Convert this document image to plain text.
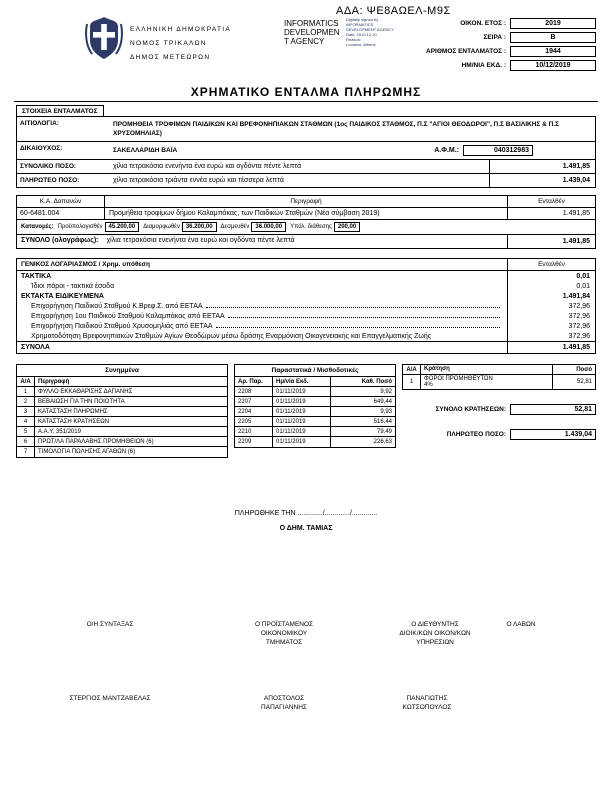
ΑΔΑ: ΨΕ8ΑΩΕΛ-Μ9Σ
ΕΛΛΗΝΙΚΗ ΔΗΜΟΚΡΑΤΙΑ
ΝΟΜΟΣ ΤΡΙΚΑΛΩΝ
ΔΗΜΟΣ ΜΕΤΕΩΡΩΝ
INFORMATICS
DEVELOPMEN
T AGENCY
Digitally signed by
INFORMATICS
DEVELOPMENT AGENCY
Date: 2019.12.10
Reason:
Location: Athens
ΟΙΚΟΝ. ΕΤΟΣ :	2019
ΣΕΙΡΑ :	Β
ΑΡΙΘΜΟΣ ΕΝΤΑΛΜΑΤΟΣ :	1944
ΗΜ/ΝΙΑ ΕΚΔ. :	10/12/2019
ΧΡΗΜΑΤΙΚΟ ΕΝΤΑΛΜΑ ΠΛΗΡΩΜΗΣ
ΣΤΟΙΧΕΙΑ ΕΝΤΑΛΜΑΤΟΣ
ΑΙΤΙΟΛΟΓΙΑ:	ΠΡΟΜΗΘΕΙΑ ΤΡΟΦΙΜΩΝ ΠΑΙΔΙΚΩΝ ΚΑΙ ΒΡΕΦΟΝΗΠΙΑΚΩΝ ΣΤΑΘΜΩΝ (1ος ΠΑΙΔΙΚΟΣ ΣΤΑΘΜΟΣ, Π.Σ "ΑΓΙΟΙ ΘΕΟΔΩΡΟΙ", Π.Σ ΒΑΣΙΛΙΚΗΣ & Π.Σ ΧΡΥΣΟΜΗΛΙΑΣ)
ΔΙΚΑΙΟΥΧΟΣ:	ΣΑΚΕΛΛΑΡΙΔΗ ΒΑΪΑ	Α.Φ.Μ.:	040312983
ΣΥΝΟΛΙΚΟ ΠΟΣΟ:	χίλια τετρακόσια ενενήντα ένα ευρώ και ογδόντα πέντε λεπτά	1.491,85
ΠΛΗΡΩΤΕΟ ΠΟΣΟ:	χίλια τετρακόσια τριάντα εννέα ευρώ και τέσσερα λεπτά	1.439,04
Κ.Α. Δαπανών	Περιγραφή	Ενταλθέν
60-6481.004	Προμήθεια τροφίμων δήμου Καλαμπάκας, των Παιδικών Σταθμών (Νέα σύμβαση 2019)	1.491,85
Κατανομές: Προϋπολογισθέν	45.200,00	Διαμορφωθέν	36.200,00	Δεσμευθέν	36.000,00	Υπόλ. διάθεσης	200,00
ΣΥΝΟΛΟ (ολογράφως):	χίλια τετρακόσια ενενήντα ένα ευρώ και ογδόντα πέντε λεπτά	1.491,85
ΓΕΝΙΚΟΣ ΛΟΓΑΡΙΑΣΜΟΣ / Χρημ. υπόθεση	Ενταλθέν
ΤΑΚΤΙΚΑ	0,01
Ίδιοι πόροι - τακτικά έσοδα	0,01
ΕΚΤΑΚΤΑ ΕΙΔΙΚΕΥΜΕΝΑ	1.491,84
Επιχορήγηση Παιδικού Σταθμού Κ.Βρεφ.Σ. από ΕΕΤΑΑ	372,96
Επιχορήγηση 1ου Παιδικού Σταθμού Καλαμπάκας από ΕΕΤΑΑ	372,96
Επιχορήγηση Παιδικού Σταθμού Χρυσομηλιάς από ΕΕΤΑΑ	372,96
Χρηματοδότηση Βρεφονηπιακών Σταθμών Αγίων Θεοδώρων μέσω δράσης Εναρμόνιση Οικογενειακής και Επαγγελματικής Ζωής	372,96
ΣΥΝΟΛΑ	1.491,85
Συνημμένα
Α/Α	Περιγραφή
1	ΦΥΛΛΟ ΕΚΚΑΘΑΡΙΣΗΣ ΔΑΠΑΝΗΣ
2	ΒΕΒΑΙΩΣΗ ΓΙΑ ΤΗΝ ΠΟΙΟΤΗΤΑ
3	ΚΑΤΑΣΤΑΣΗ ΠΛΗΡΩΜΗΣ
4	ΚΑΤΑΣΤΑΣΗ ΚΡΑΤΗΣΕΩΝ
5	Α.Α.Υ. 351/2019
6	ΠΡΩΤ/ΛΑ ΠΑΡΑΛΑΒΗΣ ΠΡΟΜΗΘΕΙΩΝ (6)
7	ΤΙΜΟΛΟΓΙΑ ΠΩΛΗΣΗΣ ΑΓΑΘΩΝ (6)
Παραστατικά / Μισθοδοτικές
Αρ. Παρ.	Ημ/νία Εκδ.	Καθ. Ποσό
2208	01/11/2019	9,92
2207	01/11/2019	649,44
2204	01/11/2019	9,93
2205	01/11/2019	516,44
2210	01/11/2019	79,49
2209	01/11/2019	226,63
Α/Α	Κράτηση	Ποσό
1	ΦΟΡΟΙ ΠΡΟΜΗΘΕΥΤΩΝ
4%	52,81
ΣΥΝΟΛΟ ΚΡΑΤΗΣΕΩΝ:	52,81
ΠΛΗΡΩΤΕΟ ΠΟΣΟ:	1.439,04
ΠΛΗΡΩΘΗΚΕ ΤΗΝ ............./............./.............
Ο ΔΗΜ. ΤΑΜΙΑΣ
Ο/Η ΣΥΝΤΑΞΑΣ	Ο ΠΡΟΪΣΤΑΜΕΝΟΣ
ΟΙΚΟΝΟΜΙΚΟΥ
ΤΜΗΜΑΤΟΣ
Ο ΔΙΕΥΘΥΝΤΗΣ
ΔΙΟΙΚ/ΚΩΝ ΟΙΚΟΝ/ΚΩΝ
ΥΠΗΡΕΣΙΩΝ
Ο ΛΑΒΩΝ
ΣΤΕΡΓΙΟΣ ΜΑΝΤΖΑΒΕΛΑΣ	ΑΠΟΣΤΟΛΟΣ
ΠΑΠΑΓΙΑΝΝΗΣ
ΠΑΝΑΓΙΩΤΗΣ
ΚΩΤΣΟΠΟΥΛΟΣ
